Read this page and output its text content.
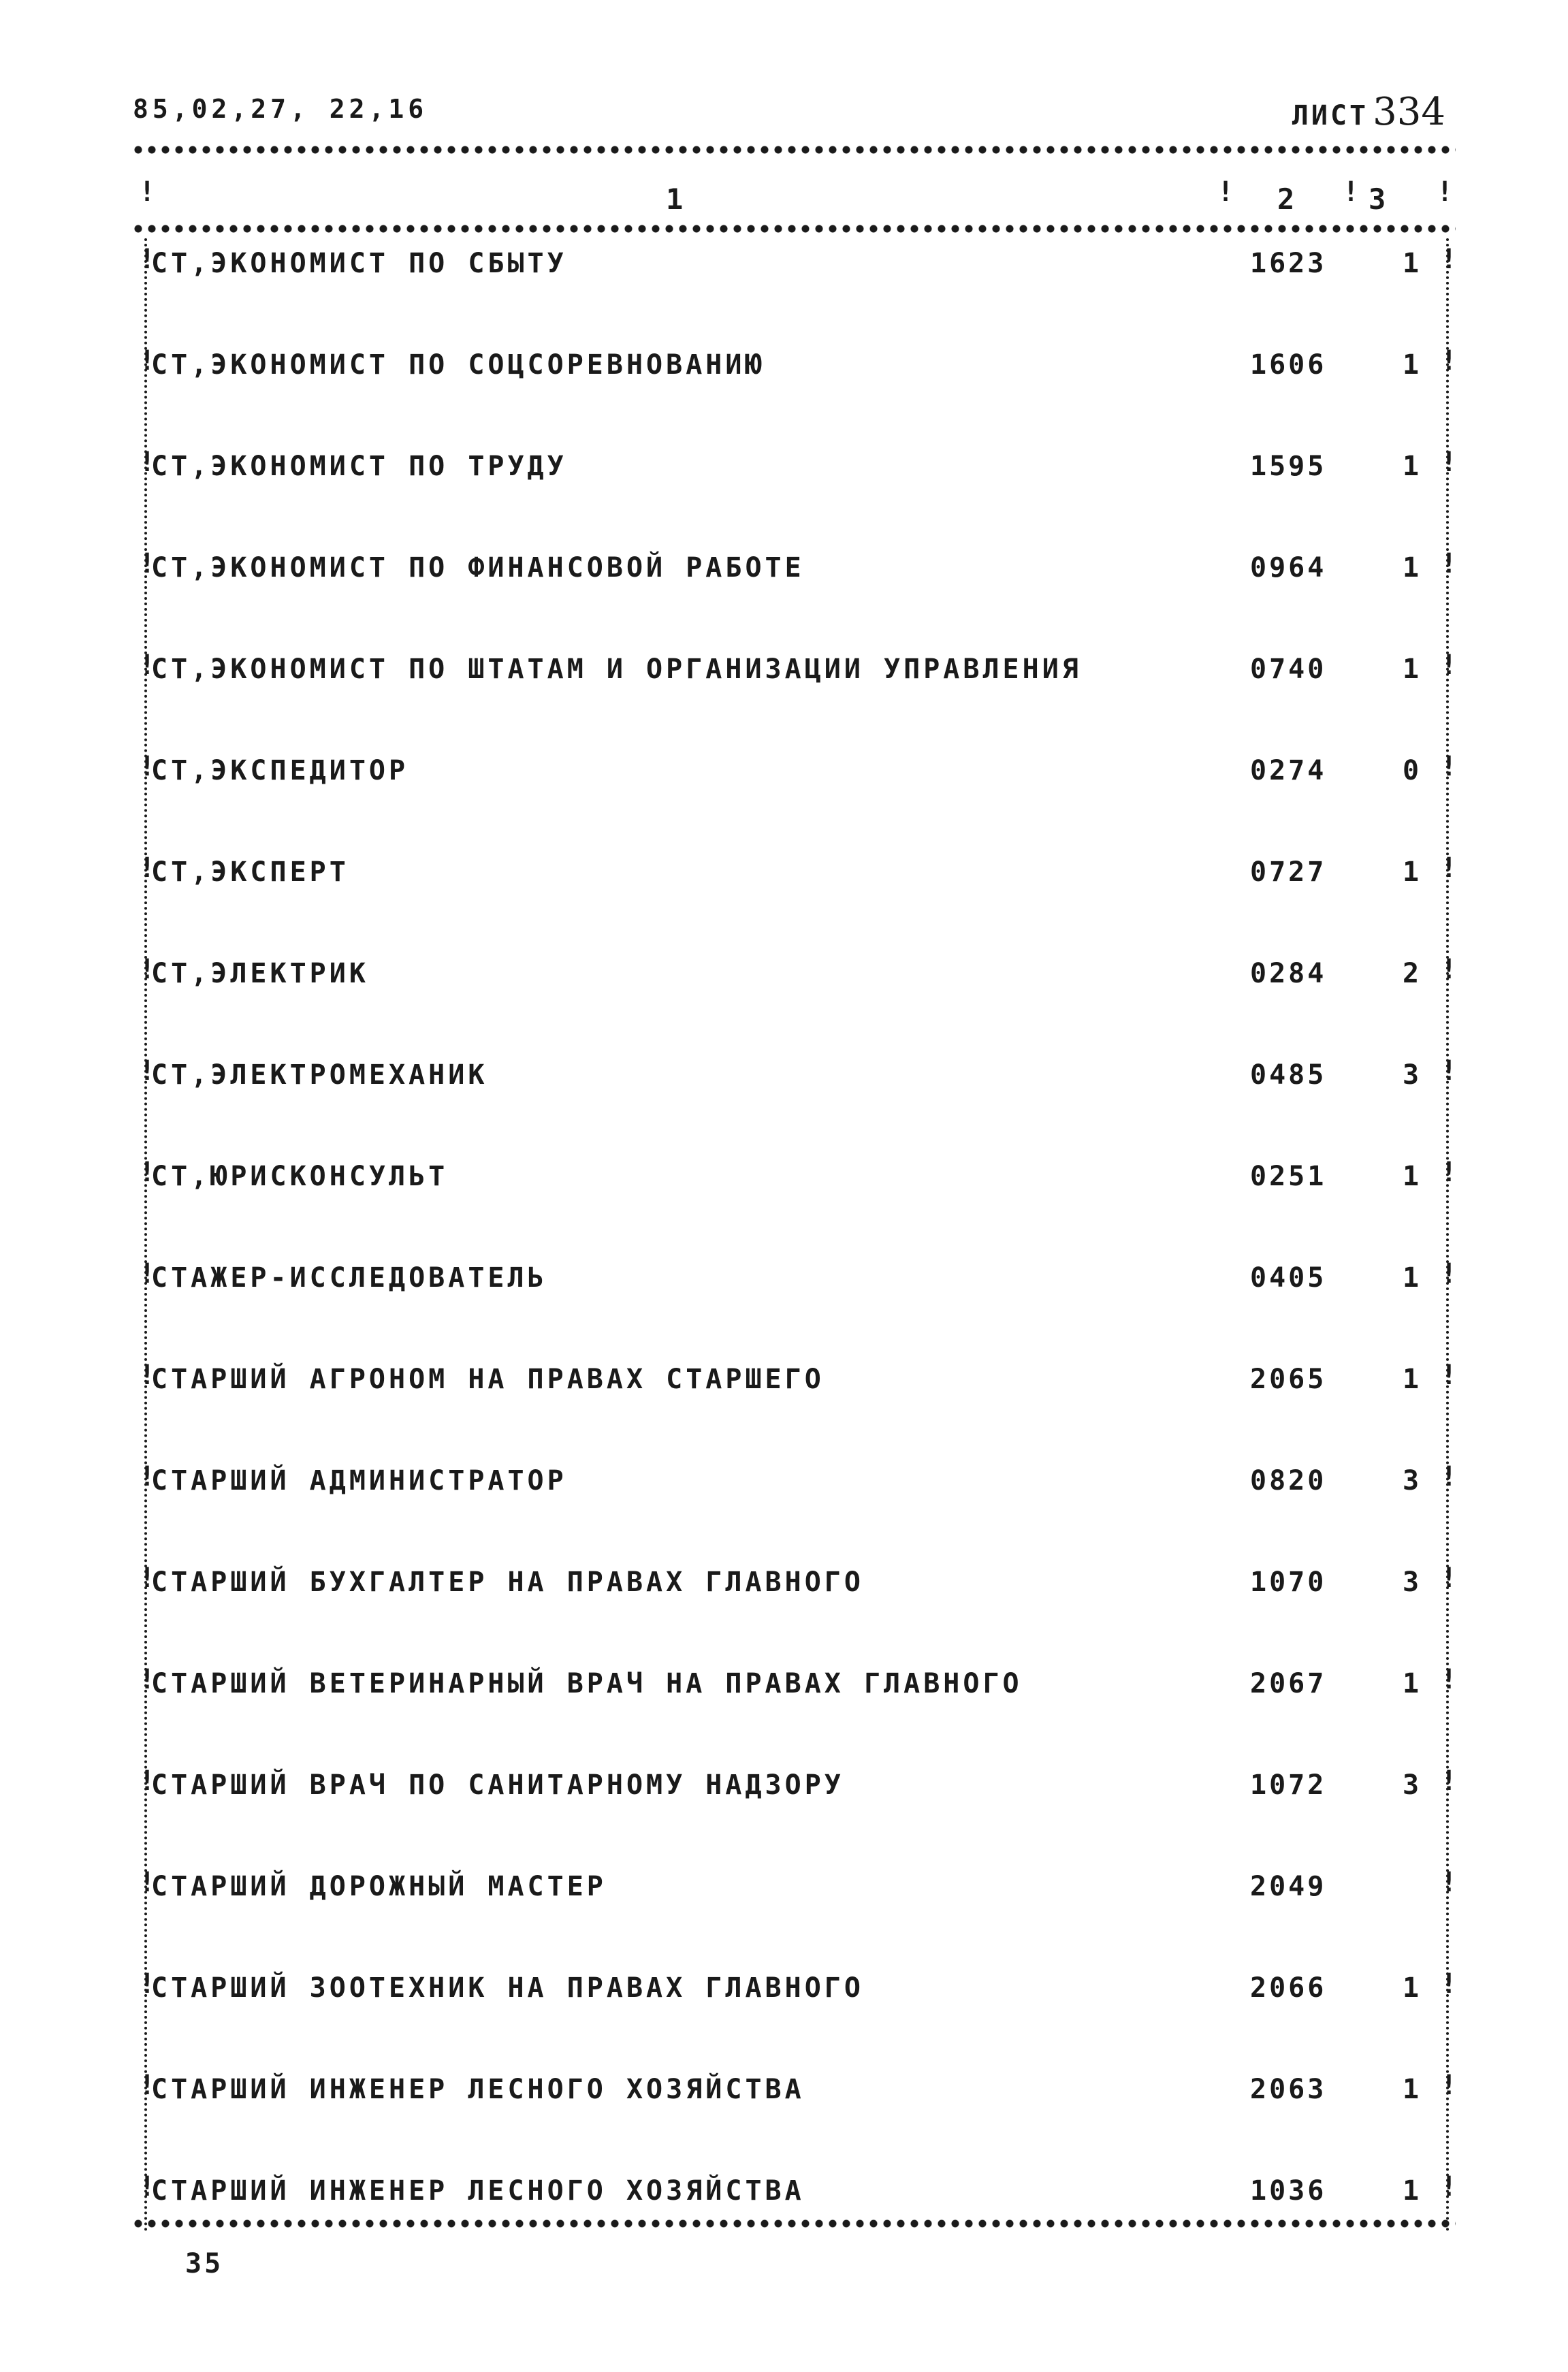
85,02,27, 22,16	ЛИСТ 334
!	1	! 2 ! 3 !
!
СТ,ЭКОНОМИСТ ПО СБЫТУ	1623	1 !
!
СТ,ЭКОНОМИСТ ПО СОЦСОРЕВНОВАНИЮ	1606	1 !
!
СТ,ЭКОНОМИСТ ПО ТРУДУ	1595	1 !
!
СТ,ЭКОНОМИСТ ПО ФИНАНСОВОЙ РАБОТЕ	0964	1 !
!
СТ,ЭКОНОМИСТ ПО ШТАТАМ И ОРГАНИЗАЦИИ УПРАВЛЕНИЯ	0740	1 !
!
СТ,ЭКСПЕДИТОР	0274	0 !
!
СТ,ЭКСПЕРТ	0727	1 !
!
СТ,ЭЛЕКТРИК	0284	2 !
!
СТ,ЭЛЕКТРОМЕХАНИК	0485	3 !
!
СТ,ЮРИСКОНСУЛЬТ	0251	1 !
!
СТАЖЕР-ИССЛЕДОВАТЕЛЬ	0405	1 !
!
СТАРШИЙ АГРОНОМ НА ПРАВАХ СТАРШЕГО	2065	1 !
!
СТАРШИЙ АДМИНИСТРАТОР	0820	3 !
!
СТАРШИЙ БУХГАЛТЕР НА ПРАВАХ ГЛАВНОГО	1070	3 !
!
СТАРШИЙ ВЕТЕРИНАРНЫЙ ВРАЧ НА ПРАВАХ ГЛАВНОГО	2067	1 !
!
СТАРШИЙ ВРАЧ ПО САНИТАРНОМУ НАДЗОРУ	1072	3 !
!
СТАРШИЙ ДОРОЖНЫЙ МАСТЕР	2049	!
!
СТАРШИЙ ЗООТЕХНИК НА ПРАВАХ ГЛАВНОГО	2066	1 !
!
СТАРШИЙ ИНЖЕНЕР ЛЕСНОГО ХОЗЯЙСТВА	2063	1 !
!
СТАРШИЙ ИНЖЕНЕР ЛЕСНОГО ХОЗЯЙСТВА	1036	1 !
35
